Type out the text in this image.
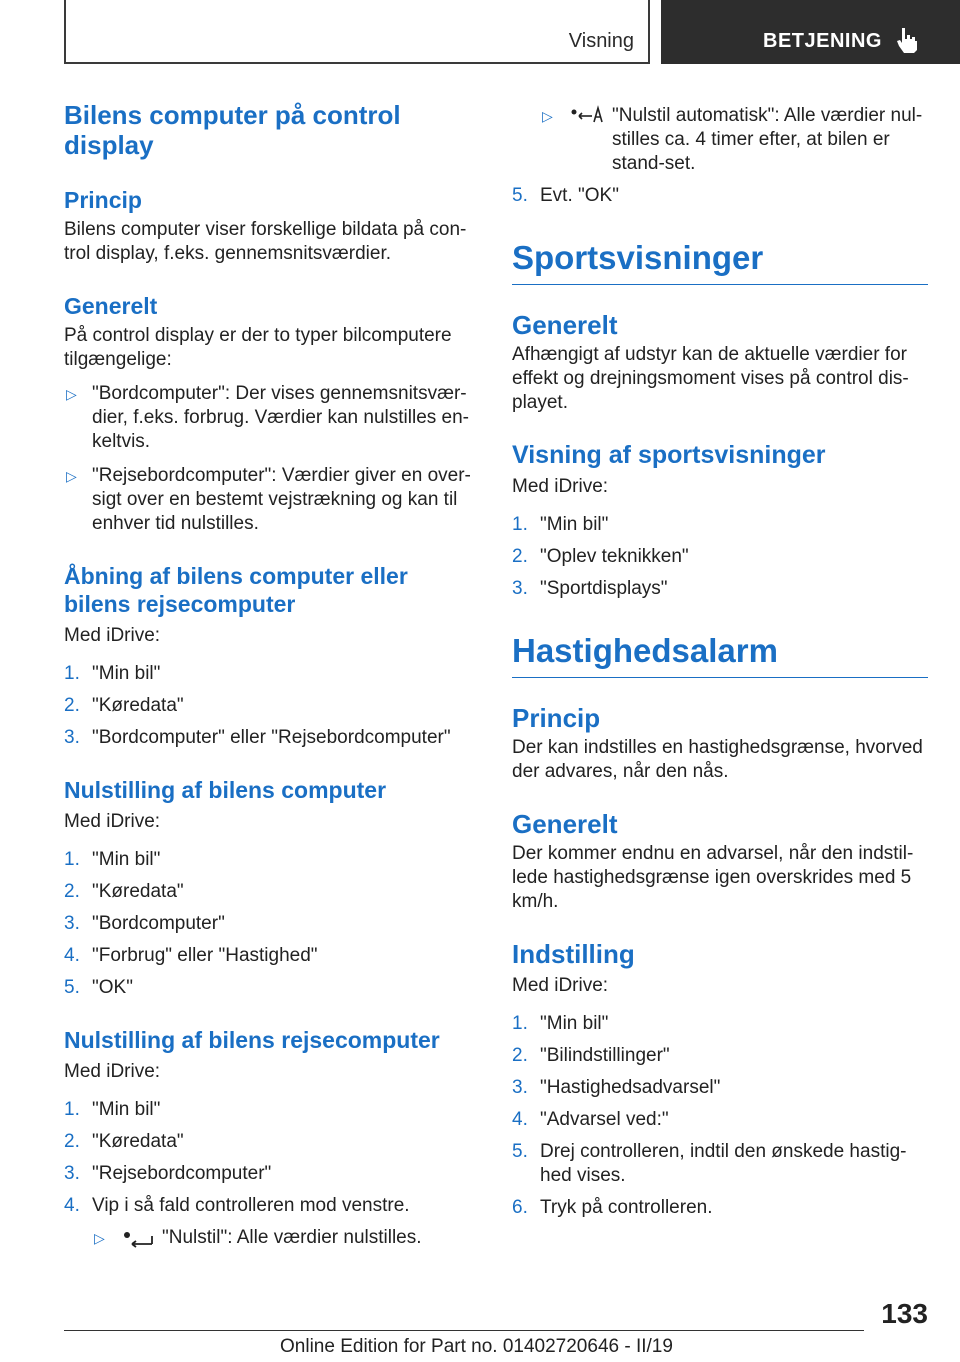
Visning	BETJENING
Bilens computer på control display
Princip

Bilens computer viser forskellige bildata på con-trol display, f.eks. gennemsnitsværdier.

Generelt

På control display er der to typer bilcomputere tilgængelige:

▷ "Bordcomputer": Der vises gennemsnitsvær-dier, f.eks. forbrug. Værdier kan nulstilles en-keltvis.
▷ "Rejsebordcomputer": Værdier giver en over-sigt over en bestemt vejstrækning og kan til enhver tid nulstilles.
Åbning af bilens computer eller bilens rejsecomputer

Med iDrive:

1. "Min bil"
2. "Køredata"
3. "Bordcomputer" eller "Rejsebordcomputer"
Nulstilling af bilens computer

Med iDrive:

1. "Min bil"
2. "Køredata"
3. "Bordcomputer"
4. "Forbrug" eller "Hastighed"
5. "OK"
Nulstilling af bilens rejsecomputer

Med iDrive:

1. "Min bil"
2. "Køredata"
3. "Rejsebordcomputer"
4. Vip i så fald controlleren mod venstre.
▷	"Nulstil": Alle værdier nulstilles.
▷	"Nulstil automatisk": Alle værdier nul-stilles ca. 4 timer efter, at bilen er stand-set.
5. Evt. "OK"
Sportsvisninger
Generelt

Afhængigt af udstyr kan de aktuelle værdier for effekt og drejningsmoment vises på control dis-playet.

Visning af sportsvisninger

Med iDrive:

1. "Min bil"
2. "Oplev teknikken"
3. "Sportdisplays"
Hastighedsalarm
Princip

Der kan indstilles en hastighedsgrænse, hvorved der advares, når den nås.

Generelt

Der kommer endnu en advarsel, når den indstil-lede hastighedsgrænse igen overskrides med 5 km/h.

Indstilling

Med iDrive:

1. "Min bil"
2. "Bilindstillinger"
3. "Hastighedsadvarsel"
4. "Advarsel ved:"
5. Drej controlleren, indtil den ønskede hastig-hed vises.
6. Tryk på controlleren.
133
Online Edition for Part no. 01402720646 - II/19
